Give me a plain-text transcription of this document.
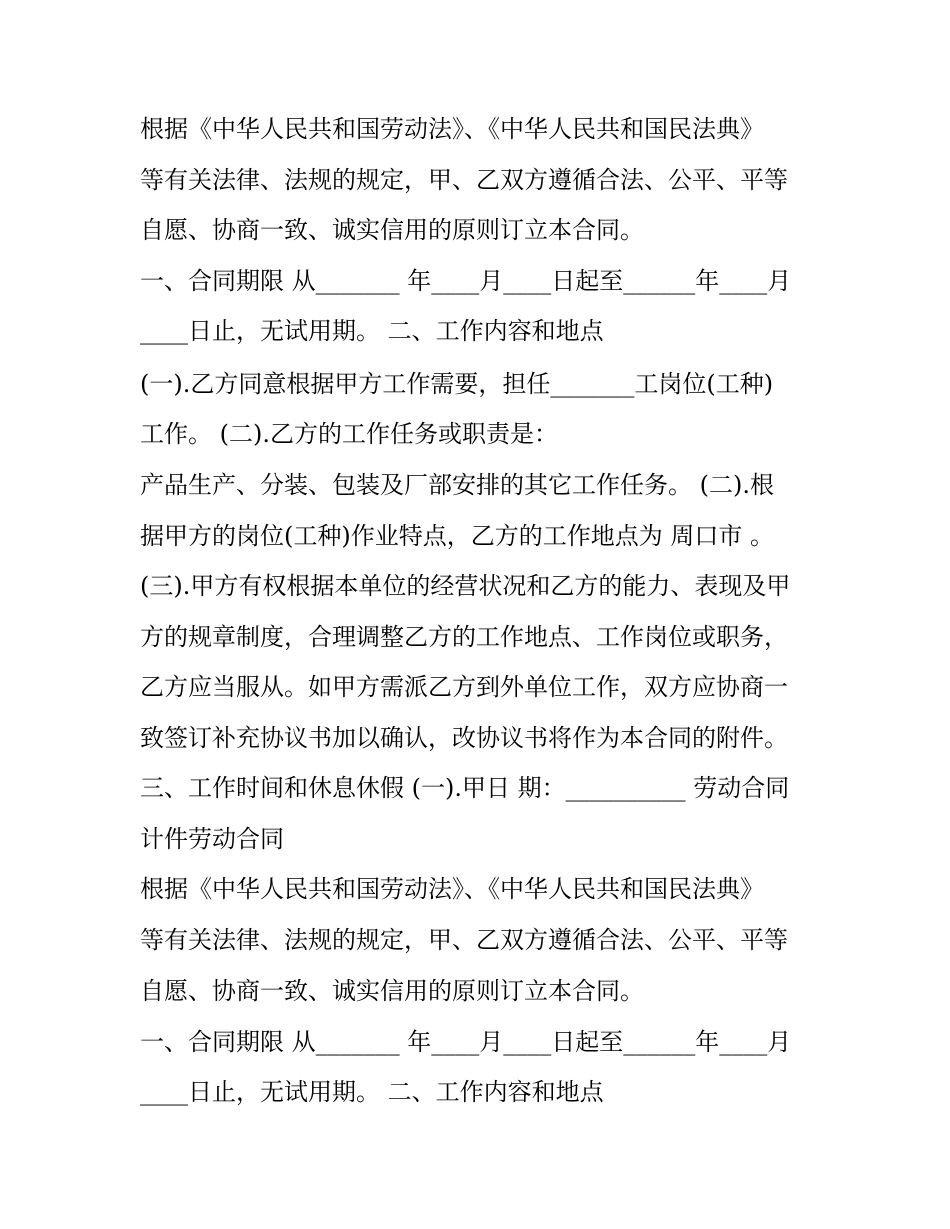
根据《中华人民共和国劳动法》、《中华人民共和国民法典》
等有关法律、法规的规定，甲、乙双方遵循合法、公平、平等
自愿、协商一致、诚实信用的原则订立本合同。
一、合同期限 从_______ 年____月____日起至______年____月
____日止，无试用期。 二、工作内容和地点
(一).乙方同意根据甲方工作需要，担任_______工岗位(工种)
工作。 (二).乙方的工作任务或职责是：
产品生产、分装、包装及厂部安排的其它工作任务。 (二).根
据甲方的岗位(工种)作业特点，乙方的工作地点为 周口市 。
(三).甲方有权根据本单位的经营状况和乙方的能力、表现及甲
方的规章制度，合理调整乙方的工作地点、工作岗位或职务，
乙方应当服从。如甲方需派乙方到外单位工作，双方应协商一
致签订补充协议书加以确认，改协议书将作为本合同的附件。
三、工作时间和休息休假 (一).甲日 期：__________ 劳动合同
计件劳动合同
根据《中华人民共和国劳动法》、《中华人民共和国民法典》
等有关法律、法规的规定，甲、乙双方遵循合法、公平、平等
自愿、协商一致、诚实信用的原则订立本合同。
一、合同期限 从_______ 年____月____日起至______年____月
____日止，无试用期。 二、工作内容和地点
